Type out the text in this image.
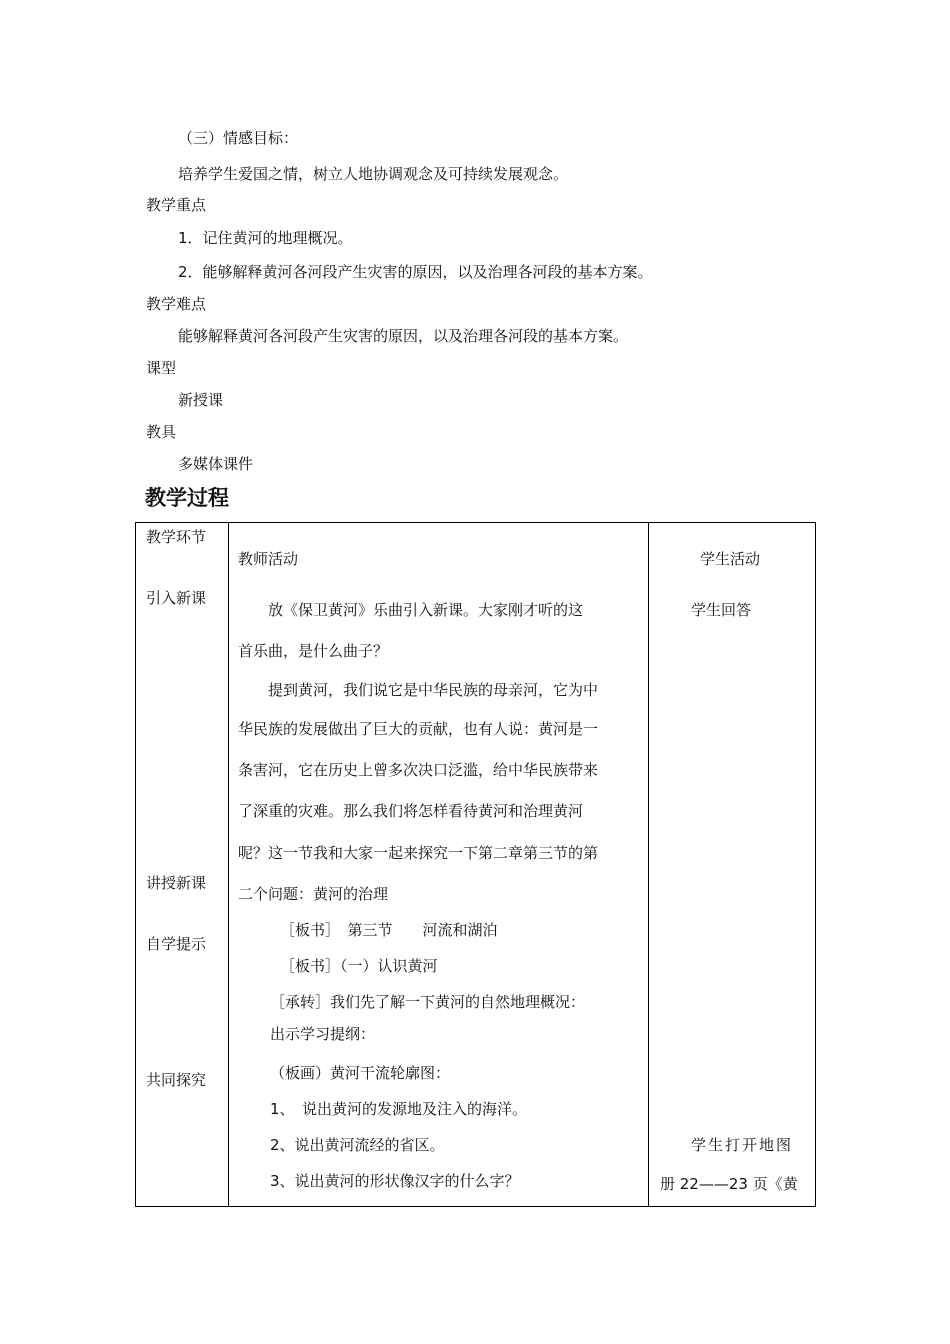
（三）情感目标：
培养学生爱国之情，树立人地协调观念及可持续发展观念。
教学重点
1．记住黄河的地理概况。
2．能够解释黄河各河段产生灾害的原因，以及治理各河段的基本方案。
教学难点
能够解释黄河各河段产生灾害的原因，以及治理各河段的基本方案。
课型
新授课
教具
多媒体课件
教学过程
教学环节
引入新课
讲授新课
自学提示
共同探究
教师活动
放《保卫黄河》乐曲引入新课。大家刚才听的这
首乐曲，是什么曲子？
提到黄河，我们说它是中华民族的母亲河，它为中
华民族的发展做出了巨大的贡献，也有人说：黄河是一
条害河，它在历史上曾多次决口泛滥，给中华民族带来
了深重的灾难。那么我们将怎样看待黄河和治理黄河
呢？这一节我和大家一起来探究一下第二章第三节的第
二个问题：黄河的治理
［板书］　第三节　　河流和湖泊
［板书］（一）认识黄河
［承转］我们先了解一下黄河的自然地理概况：
出示学习提纲：
（板画）黄河干流轮廓图：
1、　说出黄河的发源地及注入的海洋。
2、说出黄河流经的省区。
3、说出黄河的形状像汉字的什么字？
学生活动
学生回答
学生打开地图
册 22——23 页《黄
